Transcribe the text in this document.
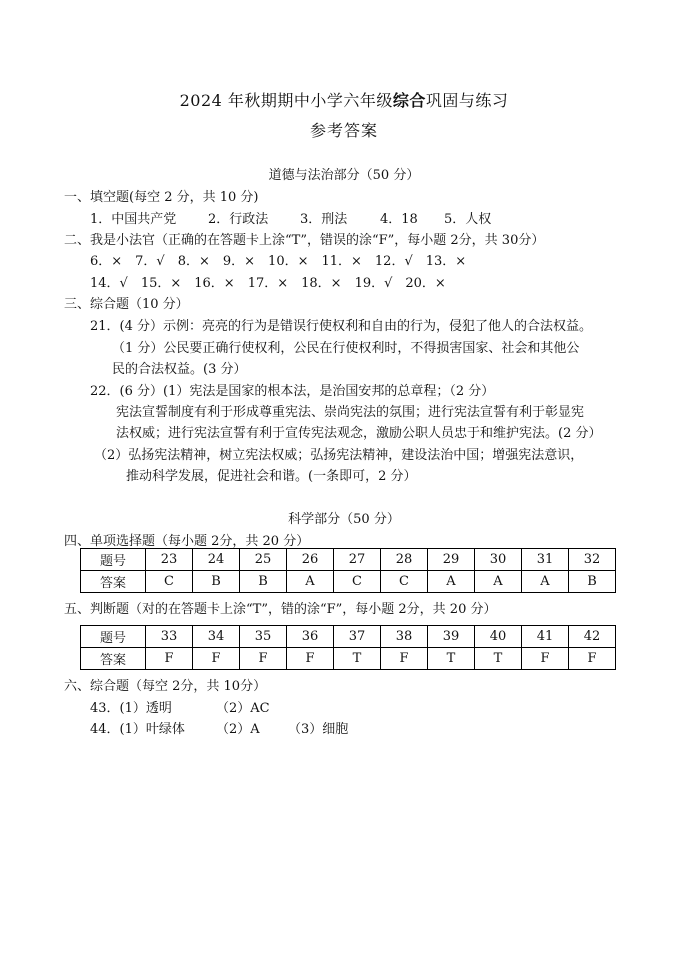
2024 年秋期期中小学六年级综合巩固与练习
参考答案
道德与法治部分（50 分）
一、填空题(每空 2 分，共 10 分)
1．中国共产党 2．行政法 3．刑法	4．18 5．人权
二、我是小法官（正确的在答题卡上涂“T”，错误的涂“F”，每小题 2分，共 30分）
6．×　7．√　8．×　9．×　10．×　11．×　12．√　13．×
14．√　15．×　16．×　17．×　18．×　19．√　20．×
三、综合题（10 分）
21．(4 分）示例：亮亮的行为是错误行使权利和自由的行为，侵犯了他人的合法权益。
（1 分）公民要正确行使权利，公民在行使权利时，不得损害国家、社会和其他公
民的合法权益。(3 分）
22．(6 分）(1）宪法是国家的根本法，是治国安邦的总章程；（2 分）
宪法宣誓制度有利于形成尊重宪法、崇尚宪法的氛围；进行宪法宣誓有利于彰显宪
法权威；进行宪法宣誓有利于宣传宪法观念，激励公职人员忠于和维护宪法。(2 分）
（2）弘扬宪法精神，树立宪法权威；弘扬宪法精神，建设法治中国；增强宪法意识，
推动科学发展，促进社会和谐。(一条即可，2 分）
科学部分（50 分）
四、单项选择题（每小题 2分，共 20 分）
题号	23	24	25	26	27	28	29	30	31	32
答案	C	B	B	A	C	C	A	A	A	B
五、判断题（对的在答题卡上涂“T”，错的涂“F”，每小题 2分，共 20 分）
题号	33	34	35	36	37	38	39	40	41	42
答案	F	F	F	F	T	F	T	T	F	F
六、综合题（每空 2分，共 10分）
43．(1）透明	（2）AC
44．(1）叶绿体 （2）A （3）细胞
